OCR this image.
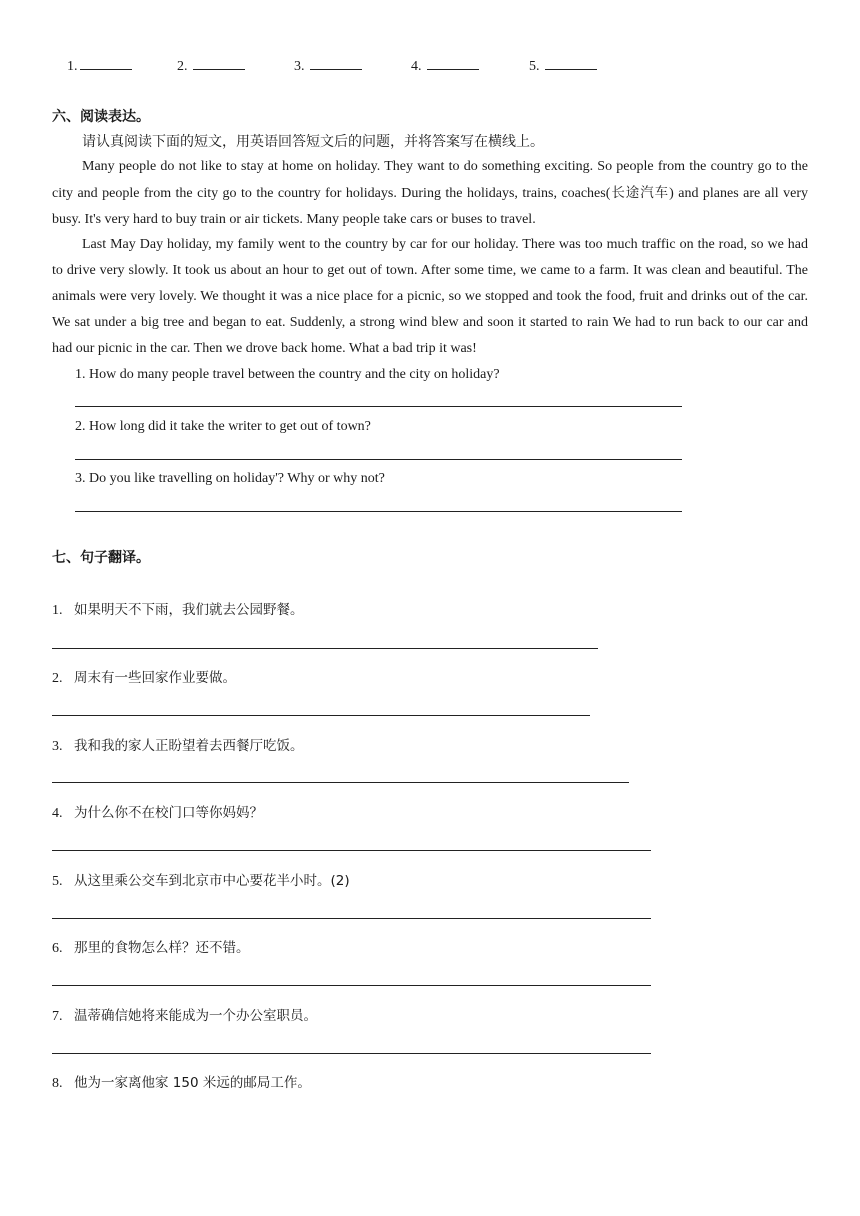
1.	2.	3.	4.	5.
六、阅读表达。
请认真阅读下面的短文，用英语回答短文后的问题，并将答案写在横线上。

Many people do not like to stay at home on holiday. They want to do something exciting. So people from the country go to the city and people from the city go to the country for holidays. During the holidays, trains, coaches(长途汽车) and planes are all very busy. It's very hard to buy train or air tickets. Many people take cars or buses to travel.

Last May Day holiday, my family went to the country by car for our holiday. There was too much traffic on the road, so we had to drive very slowly. It took us about an hour to get out of town. After some time, we came to a farm. It was clean and beautiful. The animals were very lovely. We thought it was a nice place for a picnic, so we stopped and took the food, fruit and drinks out of the car. We sat under a big tree and began to eat. Suddenly, a strong wind blew and soon it started to rain We had to run back to our car and had our picnic in the car. Then we drove back home. What a bad trip it was!

1. How do many people travel between the country and the city on holiday?
2. How long did it take the writer to get out of town?
3. Do you like travelling on holiday'? Why or why not?
七、句子翻译。
1. 如果明天不下雨，我们就去公园野餐。
2. 周末有一些回家作业要做。
3. 我和我的家人正盼望着去西餐厅吃饭。
4. 为什么你不在校门口等你妈妈？
5. 从这里乘公交车到北京市中心要花半小时。(2)
6. 那里的食物怎么样？还不错。
7. 温蒂确信她将来能成为一个办公室职员。
8. 他为一家离他家 150 米远的邮局工作。
